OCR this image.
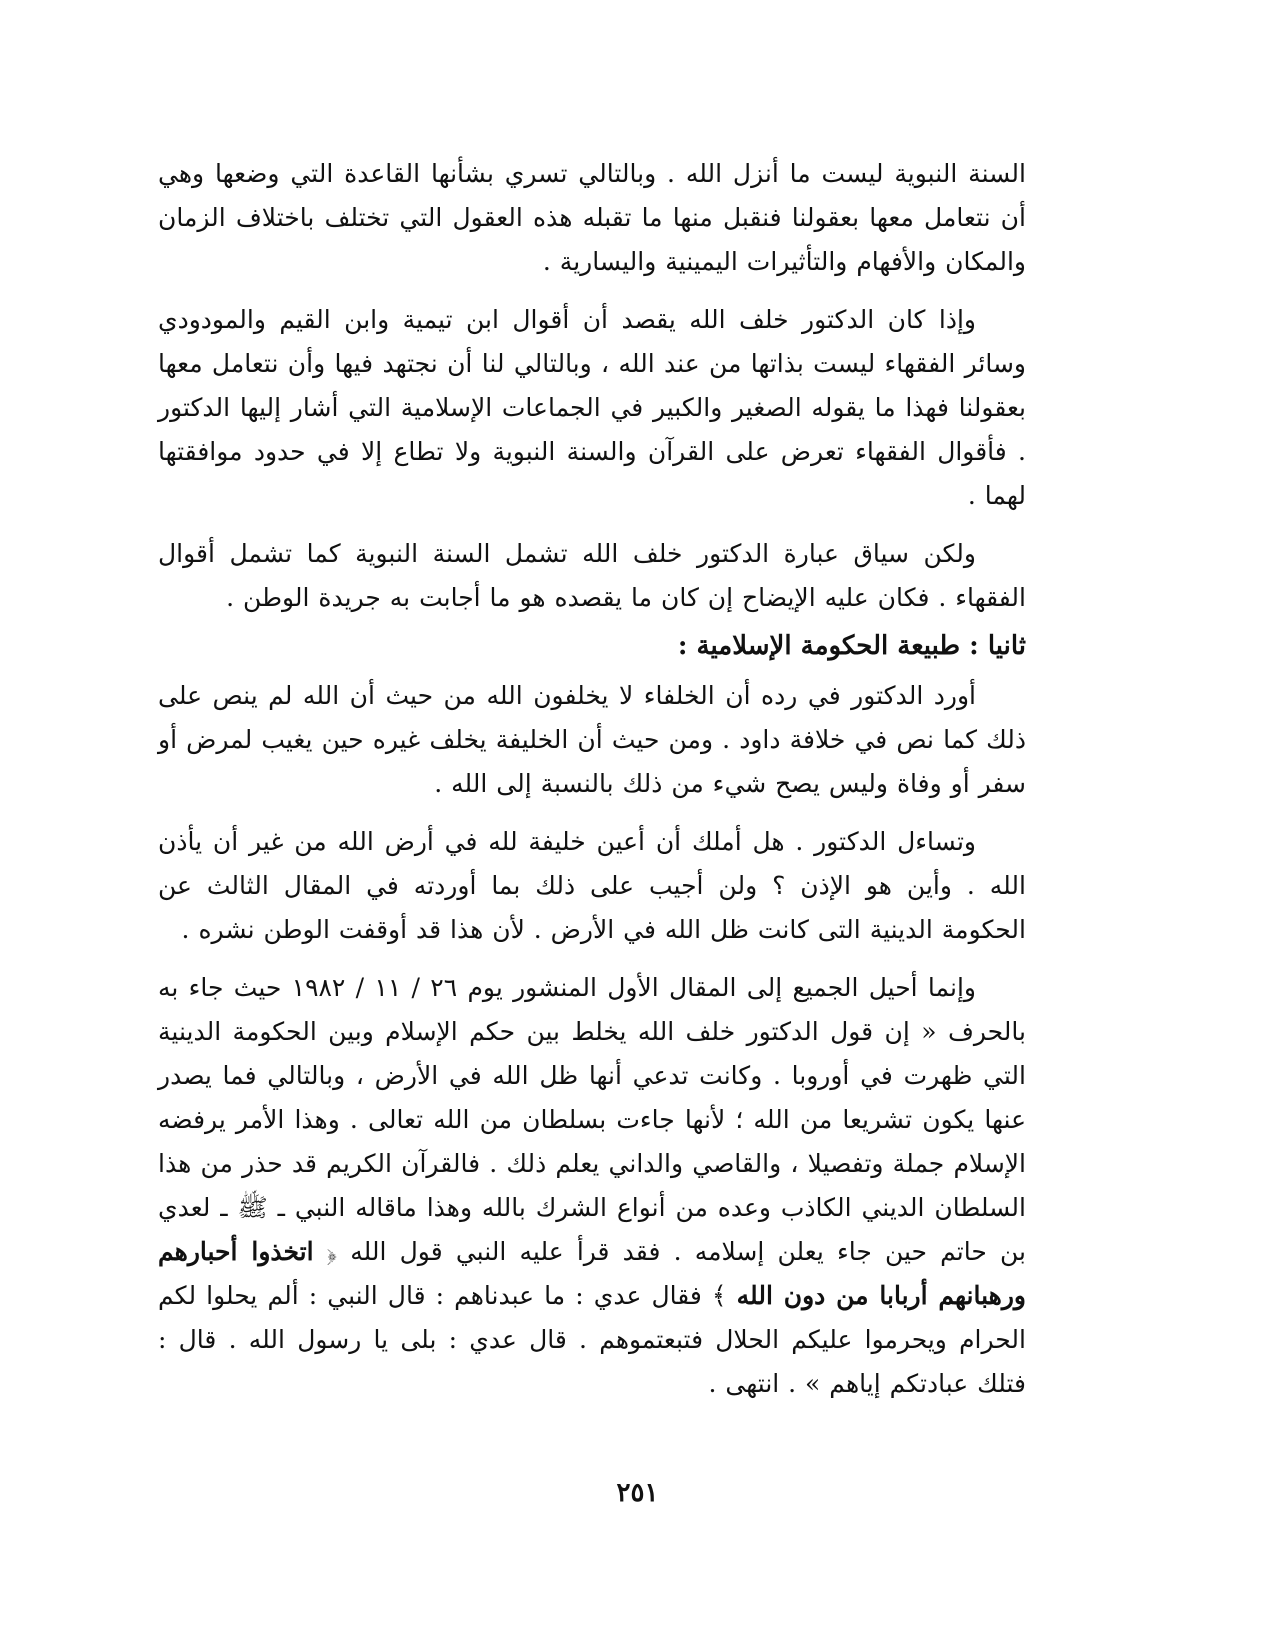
السنة النبوية ليست ما أنزل الله . وبالتالي تسري بشأنها القاعدة التي وضعها وهي أن نتعامل معها بعقولنا فنقبل منها ما تقبله هذه العقول التي تختلف باختلاف الزمان والمكان والأفهام والتأثيرات اليمينية واليسارية .

وإذا كان الدكتور خلف الله يقصد أن أقوال ابن تيمية وابن القيم والمودودي وسائر الفقهاء ليست بذاتها من عند الله ، وبالتالي لنا أن نجتهد فيها وأن نتعامل معها بعقولنا فهذا ما يقوله الصغير والكبير في الجماعات الإسلامية التي أشار إليها الدكتور . فأقوال الفقهاء تعرض على القرآن والسنة النبوية ولا تطاع إلا في حدود موافقتها لهما .

ولكن سياق عبارة الدكتور خلف الله تشمل السنة النبوية كما تشمل أقوال الفقهاء . فكان عليه الإيضاح إن كان ما يقصده هو ما أجابت به جريدة الوطن .

ثانيا : طبيعة الحكومة الإسلامية :

أورد الدكتور في رده أن الخلفاء لا يخلفون الله من حيث أن الله لم ينص على ذلك كما نص في خلافة داود . ومن حيث أن الخليفة يخلف غيره حين يغيب لمرض أو سفر أو وفاة وليس يصح شيء من ذلك بالنسبة إلى الله .

وتساءل الدكتور . هل أملك أن أعين خليفة لله في أرض الله من غير أن يأذن الله . وأين هو الإذن ؟ ولن أجيب على ذلك بما أوردته في المقال الثالث عن الحكومة الدينية التى كانت ظل الله في الأرض . لأن هذا قد أوقفت الوطن نشره .

وإنما أحيل الجميع إلى المقال الأول المنشور يوم ٢٦ / ١١ / ١٩٨٢ حيث جاء به بالحرف « إن قول الدكتور خلف الله يخلط بين حكم الإسلام وبين الحكومة الدينية التي ظهرت في أوروبا . وكانت تدعي أنها ظل الله في الأرض ، وبالتالي فما يصدر عنها يكون تشريعا من الله ؛ لأنها جاءت بسلطان من الله تعالى . وهذا الأمر يرفضه الإسلام جملة وتفصيلا ، والقاصي والداني يعلم ذلك . فالقرآن الكريم قد حذر من هذا السلطان الديني الكاذب وعده من أنواع الشرك بالله وهذا ماقاله النبي ـ ﷺ ـ لعدي بن حاتم حين جاء يعلن إسلامه . فقد قرأ عليه النبي قول الله ﴿ اتخذوا أحبارهم ورهبانهم أربابا من دون الله ﴾ فقال عدي : ما عبدناهم : قال النبي : ألم يحلوا لكم الحرام ويحرموا عليكم الحلال فتبعتموهم . قال عدي : بلى يا رسول الله . قال : فتلك عبادتكم إياهم » . انتهى .

٢٥١
